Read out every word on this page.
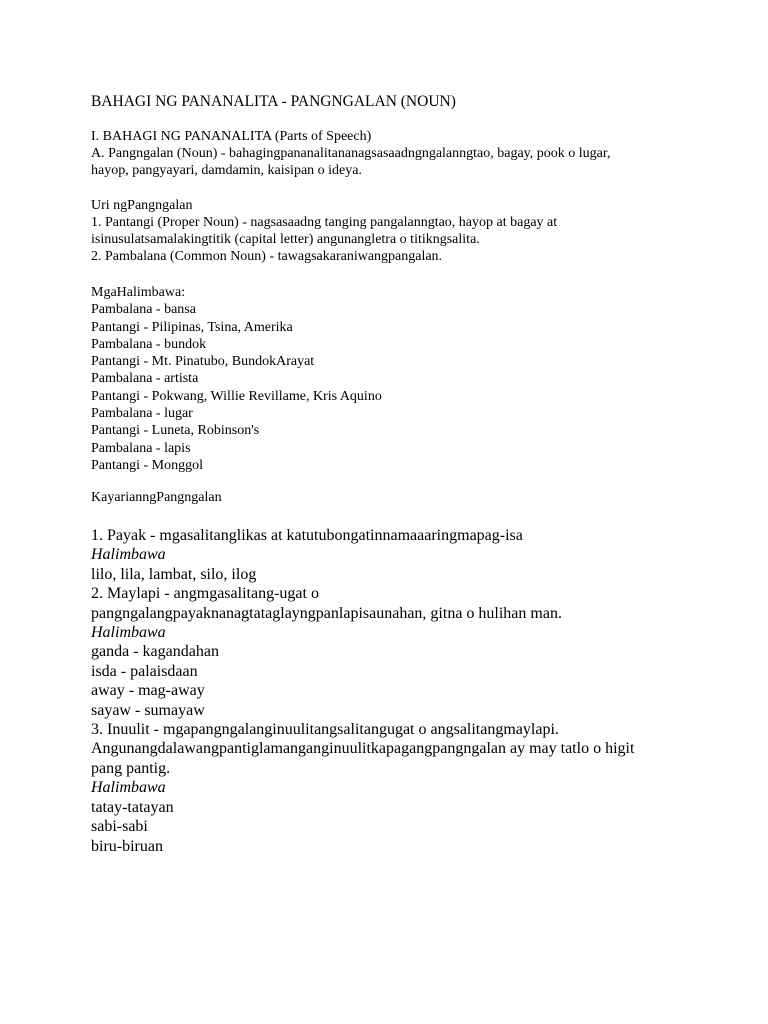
BAHAGI NG PANANALITA - PANGNGALAN (NOUN)
I. BAHAGI NG PANANALITA (Parts of Speech)
A. Pangngalan (Noun) - bahagingpananalitananagsasaadngngalanngtao, bagay, pook o lugar,
hayop, pangyayari, damdamin, kaisipan o ideya.
Uri ngPangngalan
1. Pantangi (Proper Noun) - nagsasaadng tanging pangalanngtao, hayop at bagay at
isinusulatsamalakingtitik (capital letter) angunangletra o titikngsalita.
2. Pambalana (Common Noun) - tawagsakaraniwangpangalan.
MgaHalimbawa:
Pambalana - bansa
Pantangi - Pilipinas, Tsina, Amerika
Pambalana - bundok
Pantangi - Mt. Pinatubo, BundokArayat
Pambalana - artista
Pantangi - Pokwang, Willie Revillame, Kris Aquino
Pambalana - lugar
Pantangi - Luneta, Robinson's
Pambalana - lapis
Pantangi - Monggol
KayarianngPangngalan
1. Payak - mgasalitanglikas at katutubongatinnamaaaringmapag-isa
Halimbawa
lilo, lila, lambat, silo, ilog
2. Maylapi - angmgasalitang-ugat o
pangngalangpayaknanagtataglayngpanlapisaunahan, gitna o hulihan man.
Halimbawa
ganda - kagandahan
isda - palaisdaan
away - mag-away
sayaw - sumayaw
3. Inuulit - mgapangngalanginuulitangsalitangugat o angsalitangmaylapi.
Angunangdalawangpantiglamanganginuulitkapagangpangngalan ay may tatlo o higit
pang pantig.
Halimbawa
tatay-tatayan
sabi-sabi
biru-biruan
